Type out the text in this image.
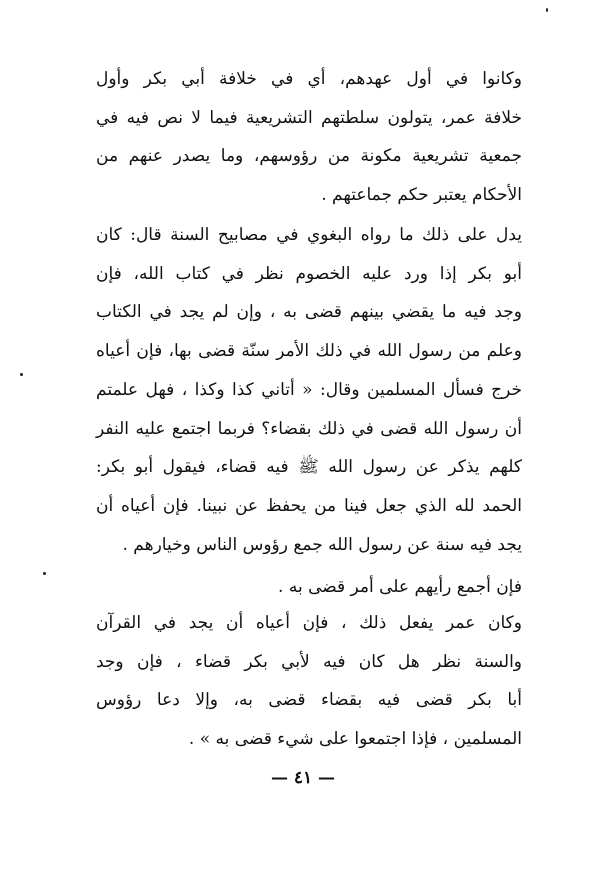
وكانوا في أول عهدهم، أي في خلافة أبي بكر وأول
خلافة عمر، يتولون سلطتهم التشريعية فيما لا نص فيه في
جمعية تشريعية مكونة من رؤوسهم، وما يصدر عنهم من
الأحكام يعتبر حكم جماعتهم .

يدل على ذلك ما رواه البغوي في مصابيح السنة قال: كان
أبو بكر إذا ورد عليه الخصوم نظر في كتاب الله، فإن
وجد فيه ما يقضي بينهم قضى به ، وإن لم يجد في الكتاب
وعلم من رسول الله في ذلك الأمر سنّة قضى بها، فإن أعياه
خرج فسأل المسلمين وقال: « أتاني كذا وكذا ، فهل علمتم
أن رسول الله قضى في ذلك بقضاء؟ فربما اجتمع عليه النفر
كلهم يذكر عن رسول الله ﷺ فيه قضاء، فيقول أبو بكر:
الحمد لله الذي جعل فينا من يحفظ عن نبينا. فإن أعياه أن
يجد فيه سنة عن رسول الله جمع رؤوس الناس وخيارهم .

فإن أجمع رأيهم على أمر قضى به .

وكان عمر يفعل ذلك ، فإن أعياه أن يجد في القرآن
والسنة نظر هل كان فيه لأبي بكر قضاء ، فإن وجد
أبا بكر قضى فيه بقضاء قضى به، وإلا دعا رؤوس
المسلمين ، فإذا اجتمعوا على شيء قضى به » .

— ٤١ —
